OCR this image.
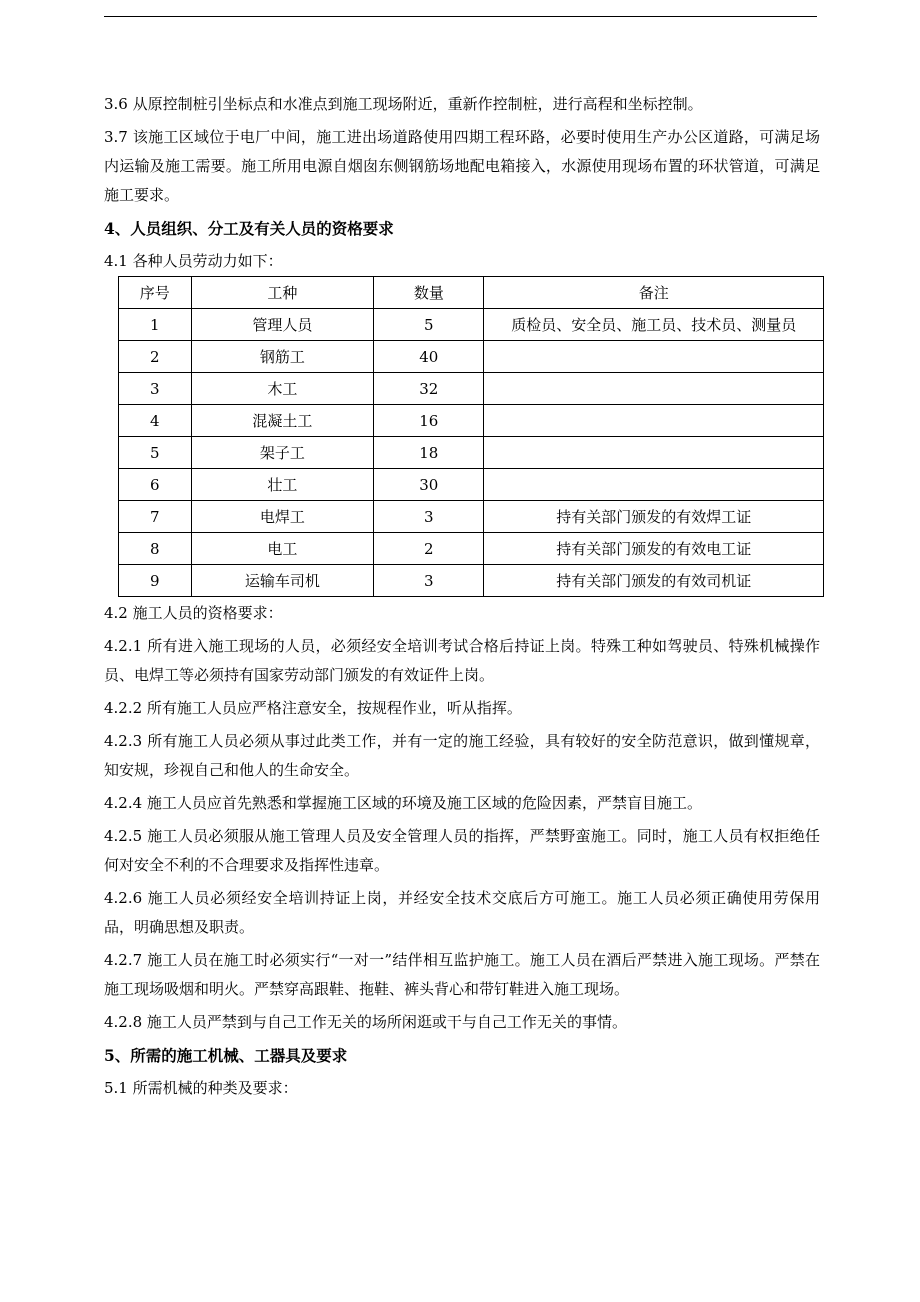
3.6 从原控制桩引坐标点和水准点到施工现场附近，重新作控制桩，进行高程和坐标控制。

3.7 该施工区域位于电厂中间，施工进出场道路使用四期工程环路，必要时使用生产办公区道路，可满足场内运输及施工需要。施工所用电源自烟囱东侧钢筋场地配电箱接入，水源使用现场布置的环状管道，可满足施工要求。

4、人员组织、分工及有关人员的资格要求

4.1 各种人员劳动力如下：

序号	工种	数量	备注
1	管理人员	5	质检员、安全员、施工员、技术员、测量员
2	钢筋工	40	
3	木工	32	
4	混凝土工	16	
5	架子工	18	
6	壮工	30	
7	电焊工	3	持有关部门颁发的有效焊工证
8	电工	2	持有关部门颁发的有效电工证
9	运输车司机	3	持有关部门颁发的有效司机证

4.2 施工人员的资格要求：

4.2.1 所有进入施工现场的人员，必须经安全培训考试合格后持证上岗。特殊工种如驾驶员、特殊机械操作员、电焊工等必须持有国家劳动部门颁发的有效证件上岗。

4.2.2 所有施工人员应严格注意安全，按规程作业，听从指挥。

4.2.3 所有施工人员必须从事过此类工作，并有一定的施工经验，具有较好的安全防范意识，做到懂规章，知安规，珍视自己和他人的生命安全。

4.2.4 施工人员应首先熟悉和掌握施工区域的环境及施工区域的危险因素，严禁盲目施工。

4.2.5 施工人员必须服从施工管理人员及安全管理人员的指挥，严禁野蛮施工。同时，施工人员有权拒绝任何对安全不利的不合理要求及指挥性违章。

4.2.6 施工人员必须经安全培训持证上岗，并经安全技术交底后方可施工。施工人员必须正确使用劳保用品，明确思想及职责。

4.2.7 施工人员在施工时必须实行“一对一”结伴相互监护施工。施工人员在酒后严禁进入施工现场。严禁在施工现场吸烟和明火。严禁穿高跟鞋、拖鞋、裤头背心和带钉鞋进入施工现场。

4.2.8 施工人员严禁到与自己工作无关的场所闲逛或干与自己工作无关的事情。

5、所需的施工机械、工器具及要求

5.1 所需机械的种类及要求：
